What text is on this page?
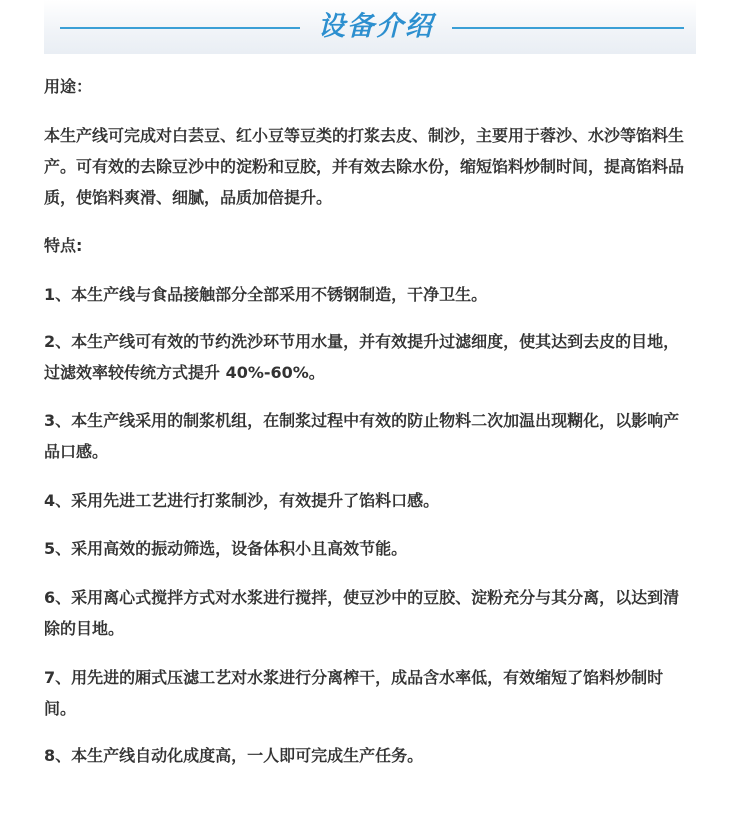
设备介绍
用途：
本生产线可完成对白芸豆、红小豆等豆类的打浆去皮、制沙，主要用于蓉沙、水沙等馅料生产。可有效的去除豆沙中的淀粉和豆胶，并有效去除水份，缩短馅料炒制时间，提高馅料品质，使馅料爽滑、细腻，品质加倍提升。
特点:
1、本生产线与食品接触部分全部采用不锈钢制造，干净卫生。
2、本生产线可有效的节约洗沙环节用水量，并有效提升过滤细度，使其达到去皮的目地，过滤效率较传统方式提升 40%-60%。
3、本生产线采用的制浆机组，在制浆过程中有效的防止物料二次加温出现糊化，以影响产品口感。
4、采用先进工艺进行打浆制沙，有效提升了馅料口感。
5、采用高效的振动筛选，设备体积小且高效节能。
6、采用离心式搅拌方式对水浆进行搅拌，使豆沙中的豆胶、淀粉充分与其分离，以达到清除的目地。
7、用先进的厢式压滤工艺对水浆进行分离榨干，成品含水率低，有效缩短了馅料炒制时间。
8、本生产线自动化成度高，一人即可完成生产任务。
